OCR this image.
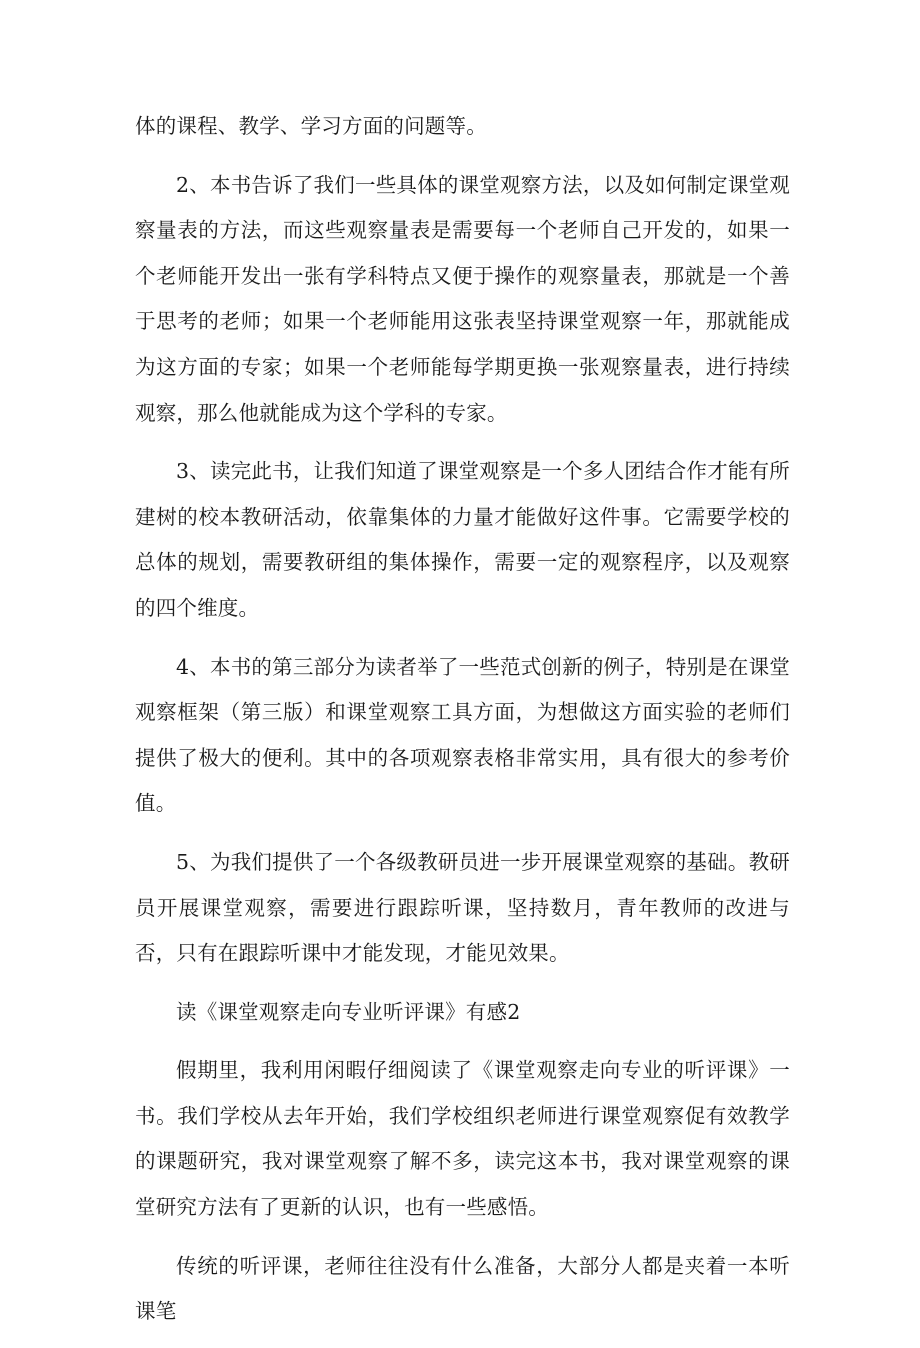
体的课程、教学、学习方面的问题等。

2、本书告诉了我们一些具体的课堂观察方法，以及如何制定课堂观察量表的方法，而这些观察量表是需要每一个老师自己开发的，如果一个老师能开发出一张有学科特点又便于操作的观察量表，那就是一个善于思考的老师；如果一个老师能用这张表坚持课堂观察一年，那就能成为这方面的专家；如果一个老师能每学期更换一张观察量表，进行持续观察，那么他就能成为这个学科的专家。

3、读完此书，让我们知道了课堂观察是一个多人团结合作才能有所建树的校本教研活动，依靠集体的力量才能做好这件事。它需要学校的总体的规划，需要教研组的集体操作，需要一定的观察程序，以及观察的四个维度。

4、本书的第三部分为读者举了一些范式创新的例子，特别是在课堂观察框架（第三版）和课堂观察工具方面，为想做这方面实验的老师们提供了极大的便利。其中的各项观察表格非常实用，具有很大的参考价值。

5、为我们提供了一个各级教研员进一步开展课堂观察的基础。教研员开展课堂观察，需要进行跟踪听课，坚持数月，青年教师的改进与否，只有在跟踪听课中才能发现，才能见效果。

读《课堂观察走向专业听评课》有感2

假期里，我利用闲暇仔细阅读了《课堂观察走向专业的听评课》一书。我们学校从去年开始，我们学校组织老师进行课堂观察促有效教学的课题研究，我对课堂观察了解不多，读完这本书，我对课堂观察的课堂研究方法有了更新的认识，也有一些感悟。

传统的听评课，老师往往没有什么准备，大部分人都是夹着一本听课笔
